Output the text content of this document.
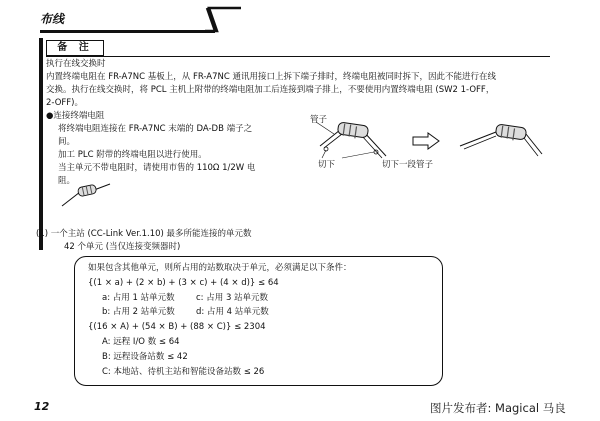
布线
备 注
执行在线交换时
内置终端电阻在 FR-A7NC 基板上，从 FR-A7NC 通讯用接口上拆下端子排时，终端电阻被同时拆下，因此不能进行在线
交换。执行在线交换时，将 PCL 主机上附带的终端电阻加工后连接到端子排上，不要使用内置终端电阻 (SW2 1-OFF，
2-OFF)。
●连接终端电阻
将终端电阻连接在 FR-A7NC 末端的 DA-DB 端子之
间。
加工 PLC 附带的终端电阻以进行使用。
当主单元不带电阻时，请使用市售的 110Ω 1/2W 电
阻。
管子
切下	切下一段管子
(1) 一个主站 (CC-Link Ver.1.10) 最多所能连接的单元数
42 个单元 (当仅连接变频器时)
如果包含其他单元，则所占用的站数取决于单元，必须满足以下条件：
{(1 × a) + (2 × b) + (3 × c) + (4 × d)} ≤ 64
a: 占用 1 站单元数	c: 占用 3 站单元数
b: 占用 2 站单元数 d: 占用 4 站单元数
{(16 × A) + (54 × B) + (88 × C)} ≤ 2304
A: 远程 I/O 数 ≤ 64
B: 远程设备站数 ≤ 42
C: 本地站、待机主站和智能设备站数 ≤ 26
12	图片发布者: Magical 马良
